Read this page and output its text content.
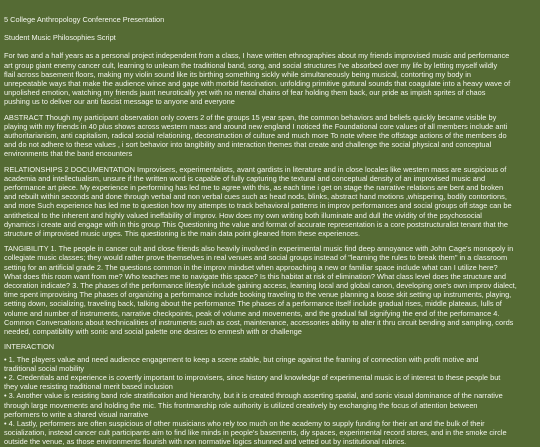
5 College Anthropology Conference Presentation

Student Music Philosophies Script

For two and a half years as a personal project independent from a class, I have written ethnographies about my friends improvised music and performance

art group giant enemy cancer cult, learning to unlearn the traditional band, song, and social structures I've absorbed over my life by letting myself wildly

flail across basement floors, making my violin sound like its birthing something sickly while simultaneously being musical, contorting my body in

unrepeatable ways that make the audience wince and gape with morbid fascination. unfolding primitive guttural sounds that coagulate into a heavy wave of

unpolished emotion, watching my friends jaunt neurotically yet with no mental chains of fear holding them back, our pride as impish sprites of chaos

pushing us to deliver our anti fascist message to anyone and everyone

ABSTRACT Though my participant observation only covers 2 of the groups 15 year span, the common behaviors and beliefs quickly became visible by

playing with my friends in 40 plus shows across western mass and around new england I noticed the Foundational core values of all members include anti

authoritarianism, anti capitalism, radical social relationing, deconstruction of culture and much more To note where the offstage actions of the members do

and do not adhere to these values , i sort behavior into tangibility and interaction themes that create and challenge the social physical and conceptual

environments that the band encounters

RELATIONSHIPS 2 DOCUMENTATION Improvisers, experimentalists, avant gardists in literature and in close locales like western mass are suspicious of

academia and intellectualism, unsure if the written word is capable of fully capturing the textural and conceptual density of an improvised music and

performance art piece. My experience in performing has led me to agree with this, as each time i get on stage the narrative relations are bent and broken

and rebuilt within seconds and done through verbal and non verbal cues such as head nods, blinks, abstract hand motions ,whispering, bodily contortions,

and more Such experience has led me to question how my attempts to track behavioral patterns in improv performances and social groups off stage can be

antithetical to the inherent and highly valued ineffability of improv. How does my own writing both illuminate and dull the vividity of the psychosocial

dynamics i create and engage with in this group This Questioning the value and format of accurate representation is a core poststructuralist tenant that the

structure of improvised music urges. This questioning is the main data point gleaned from these experiences.

TANGIBILITY 1. The people in cancer cult and close friends also heavily involved in experimental music find deep annoyance with John Cage's monopoly in

collegiate music classes; they would rather prove themselves in real venues and social groups instead of "learning the rules to break them" in a classroom

setting for an artificial grade 2. The questions common in the improv mindset when approaching a new or familiar space include what can I utilize here?

What does this room want from me? Who teaches me to navigate this space? Is this habitat at risk of elimination? What class level does the structure and

decoration indicate? 3. The phases of the performance lifestyle include gaining access, learning local and global canon, developing one's own improv dialect,

time spent improvising The phases of organizing a performance include booking traveling to the venue planning a loose skit setting up instruments, playing,

setting down, socializing, traveling back, talking about the performance The phases of a performance itself include gradual rises, middle plateaus, lulls of

volume and number of instruments, narrative checkpoints, peak of volume and movements, and the gradual fall signifying the end of the performance 4.

Common Conversations about technicalities of instruments such as cost, maintenance, accessories ability to alter it thru circuit bending and sampling, cords

needed, compatibility with sonic and social palette one desires to enmesh with or challenge

INTERACTION

• 1. The players value and need audience engagement to keep a scene stable, but cringe against the framing of connection with profit motive and

traditional social mobility

• 2. Credentials and experience is covertly important to improvisers, since history and knowledge of experimental music is of interest to these people but

they value resisting traditional merit based inclusion

• 3. Another value is resisting band role stratification and hierarchy, but it is created through asserting spatial, and sonic visual dominance of the narrative

through large movements and holding the mic. This frontmanship role authority is utilized creatively by exchanging the focus of attention between

performers to write a shared visual narrative

• 4. Lastly, performers are often suspicious of other musicians who rely too much on the academy to supply funding for their art and the bulk of their

socialization, instead cancer cult participants aim to find like minds in people's basements, diy spaces, experimental record stores, and in the smoke circle

outside the venue, as those environments flourish with non normative logics shunned and vetted out by institutional rubrics.
